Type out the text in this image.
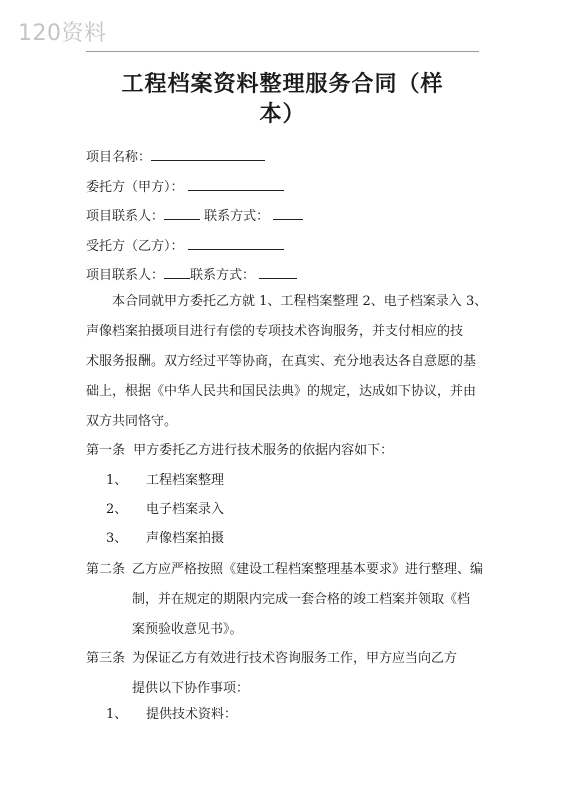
120资料
工程档案资料整理服务合同（样
本）
项目名称：
委托方（甲方）：
项目联系人：	联系方式：
受托方（乙方）：
项目联系人： 联系方式：
本合同就甲方委托乙方就 1、工程档案整理 2、电子档案录入 3、
声像档案拍摄项目进行有偿的专项技术咨询服务，并支付相应的技
术服务报酬。双方经过平等协商，在真实、充分地表达各自意愿的基
础上，根据《中华人民共和国民法典》的规定，达成如下协议，并由
双方共同恪守。
第一条 甲方委托乙方进行技术服务的依据内容如下：
1、 工程档案整理
2、 电子档案录入
3、 声像档案拍摄
第二条 乙方应严格按照《建设工程档案整理基本要求》进行整理、编
制，并在规定的期限内完成一套合格的竣工档案并领取《档
案预验收意见书》。
第三条 为保证乙方有效进行技术咨询服务工作，甲方应当向乙方
提供以下协作事项：
1、 提供技术资料：
